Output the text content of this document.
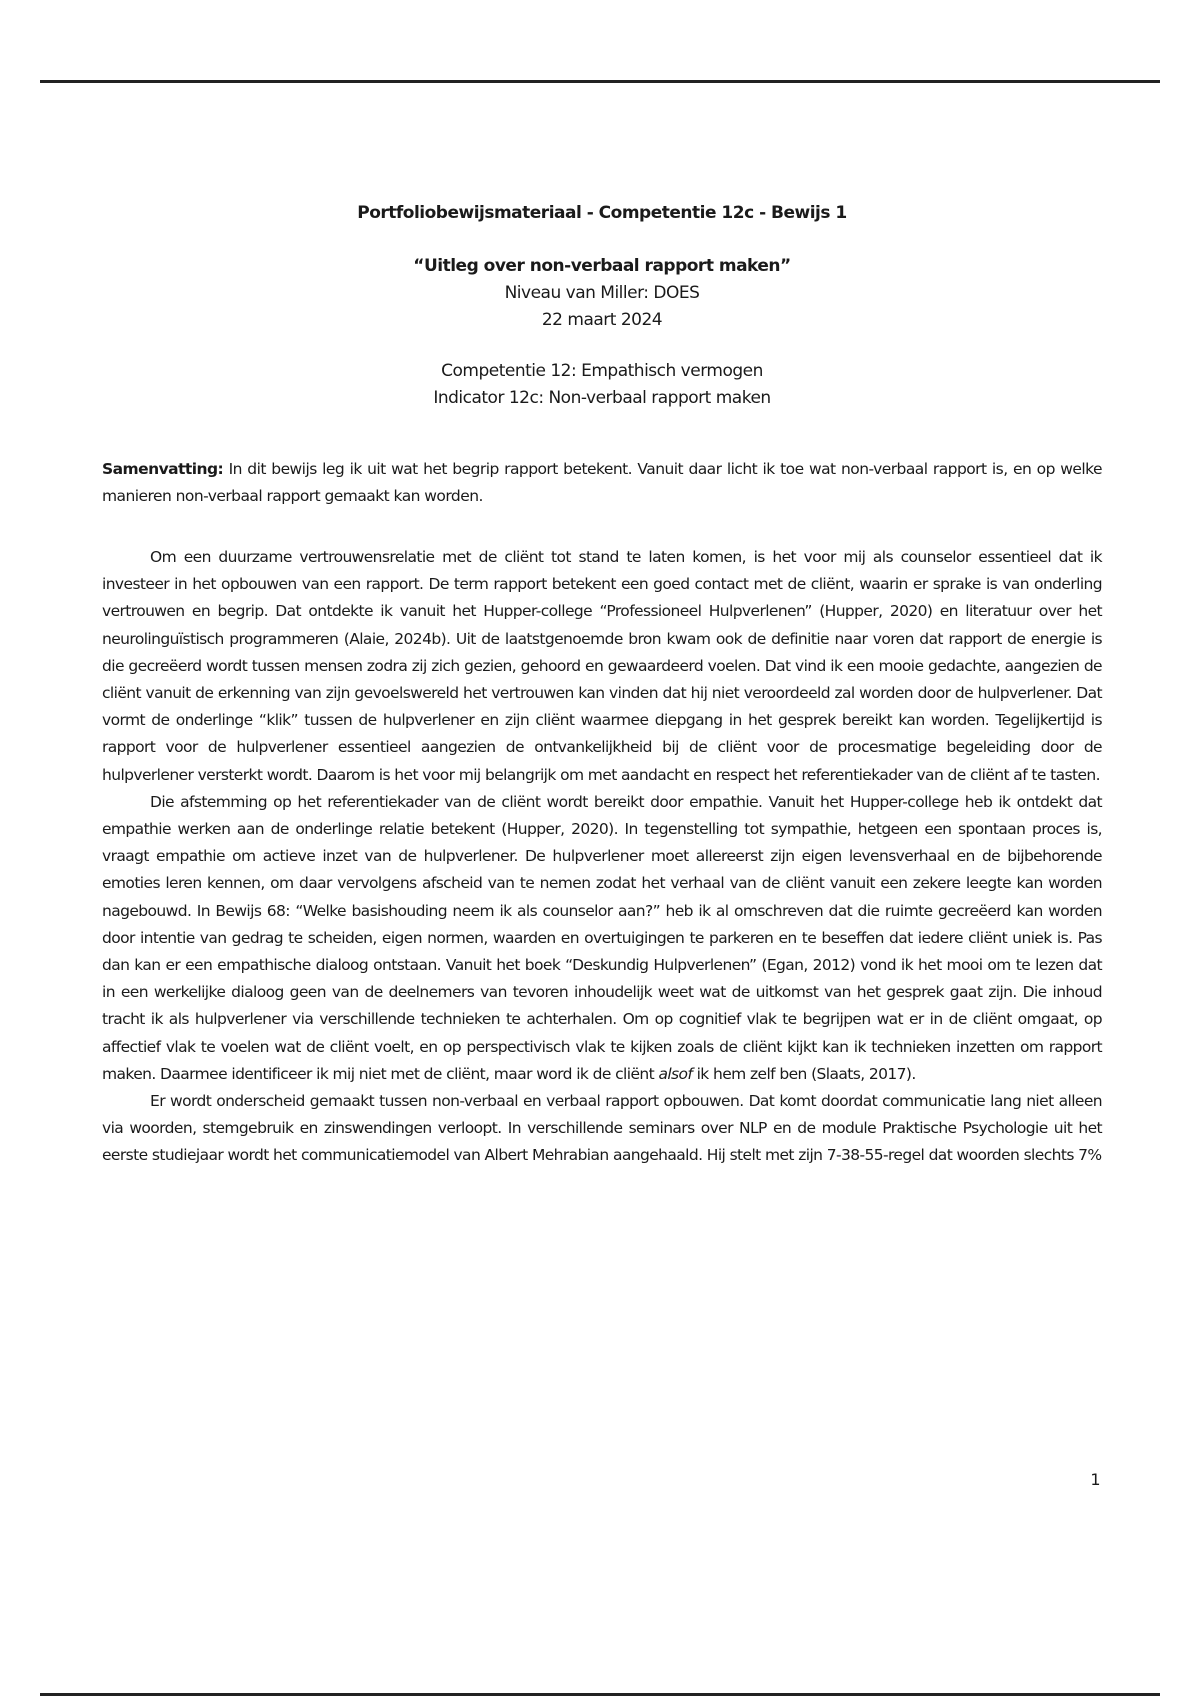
Portfoliobewijsmateriaal - Competentie 12c - Bewijs 1
“Uitleg over non-verbaal rapport maken”
Niveau van Miller: DOES
22 maart 2024
Competentie 12: Empathisch vermogen
Indicator 12c: Non-verbaal rapport maken
Samenvatting: In dit bewijs leg ik uit wat het begrip rapport betekent. Vanuit daar licht ik toe wat non-verbaal rapport is, en op welke manieren non-verbaal rapport gemaakt kan worden.

Om een duurzame vertrouwensrelatie met de cliënt tot stand te laten komen, is het voor mij als counselor essentieel dat ik investeer in het opbouwen van een rapport. De term rapport betekent een goed contact met de cliënt, waarin er sprake is van onderling vertrouwen en begrip. Dat ontdekte ik vanuit het Hupper-college “Professioneel Hulpverlenen” (Hupper, 2020) en literatuur over het neurolinguïstisch programmeren (Alaie, 2024b). Uit de laatstgenoemde bron kwam ook de definitie naar voren dat rapport de energie is die gecreëerd wordt tussen mensen zodra zij zich gezien, gehoord en gewaardeerd voelen. Dat vind ik een mooie gedachte, aangezien de cliënt vanuit de erkenning van zijn gevoelswereld het vertrouwen kan vinden dat hij niet veroordeeld zal worden door de hulpverlener. Dat vormt de onderlinge “klik” tussen de hulpverlener en zijn cliënt waarmee diepgang in het gesprek bereikt kan worden. Tegelijkertijd is rapport voor de hulpverlener essentieel aangezien de ontvankelijkheid bij de cliënt voor de procesmatige begeleiding door de hulpverlener versterkt wordt. Daarom is het voor mij belangrijk om met aandacht en respect het referentiekader van de cliënt af te tasten.

Die afstemming op het referentiekader van de cliënt wordt bereikt door empathie. Vanuit het Hupper-college heb ik ontdekt dat empathie werken aan de onderlinge relatie betekent (Hupper, 2020). In tegenstelling tot sympathie, hetgeen een spontaan proces is, vraagt empathie om actieve inzet van de hulpverlener. De hulpverlener moet allereerst zijn eigen levensverhaal en de bijbehorende emoties leren kennen, om daar vervolgens afscheid van te nemen zodat het verhaal van de cliënt vanuit een zekere leegte kan worden nagebouwd. In Bewijs 68: “Welke basishouding neem ik als counselor aan?” heb ik al omschreven dat die ruimte gecreëerd kan worden door intentie van gedrag te scheiden, eigen normen, waarden en overtuigingen te parkeren en te beseffen dat iedere cliënt uniek is. Pas dan kan er een empathische dialoog ontstaan. Vanuit het boek “Deskundig Hulpverlenen” (Egan, 2012) vond ik het mooi om te lezen dat in een werkelijke dialoog geen van de deelnemers van tevoren inhoudelijk weet wat de uitkomst van het gesprek gaat zijn. Die inhoud tracht ik als hulpverlener via verschillende technieken te achterhalen. Om op cognitief vlak te begrijpen wat er in de cliënt omgaat, op affectief vlak te voelen wat de cliënt voelt, en op perspectivisch vlak te kijken zoals de cliënt kijkt kan ik technieken inzetten om rapport maken. Daarmee identificeer ik mij niet met de cliënt, maar word ik de cliënt alsof ik hem zelf ben (Slaats, 2017).

Er wordt onderscheid gemaakt tussen non-verbaal en verbaal rapport opbouwen. Dat komt doordat communicatie lang niet alleen via woorden, stemgebruik en zinswendingen verloopt. In verschillende seminars over NLP en de module Praktische Psychologie uit het eerste studiejaar wordt het communicatiemodel van Albert Mehrabian aangehaald. Hij stelt met zijn 7-38-55-regel dat woorden slechts 7%

1
